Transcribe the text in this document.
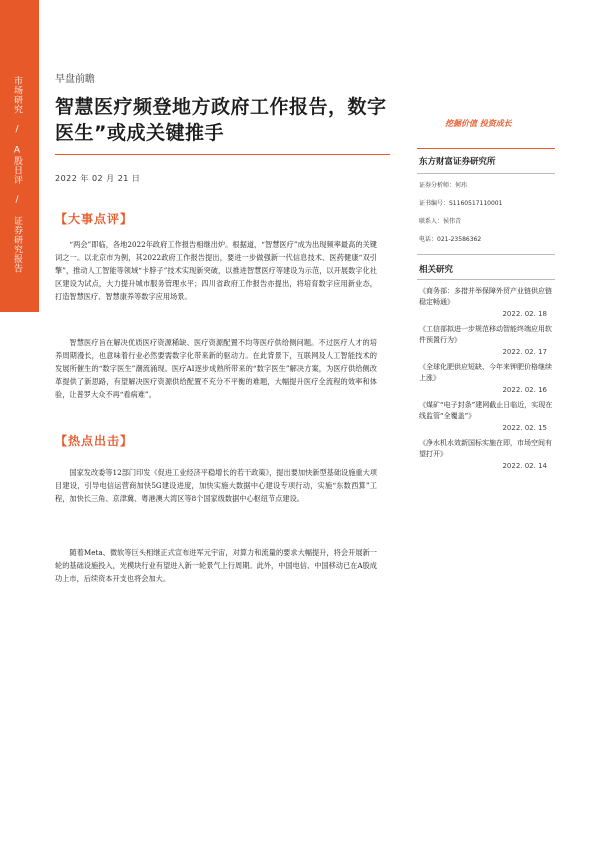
市场研究 / A股日评 / 证券研究报告	早盘前瞻
智慧医疗频登地方政府工作报告，数字医生”或成关键推手
2022 年 02 月 21 日
挖掘价值 投资成长
东方财富证券研究所
证券分析师：何玮
证书编号：S1160517110001
联系人：侯伟青
电话：021-23586362
相关研究
《商务部：多措并举保障外贸产业链供应链稳定畅通》
2022. 02. 18
《工信部拟进一步规范移动智能终端应用软件预置行为》
2022. 02. 17
《全球化肥供应短缺、今年来钾肥价格继续上涨》
2022. 02. 16
《煤矿“电子封条”建网截止日临近，实现在线监管“全覆盖”》
2022. 02. 15
《净水机水效新国标实施在即，市场空间有望打开》
2022. 02. 14
【大事点评】

“两会”即临，各地2022年政府工作报告相继出炉。根据道，“智慧医疗”成为出现频率最高的关键词之一。以北京市为例，其2022政府工作报告提出，要进一步做强新一代信息技术、医药健康“双引擎”，推动人工智能等领域“卡脖子”技术实现新突破，以推进智慧医疗等建设为示范，以开展数字化社区建设为试点，大力提升城市服务管理水平；四川省政府工作报告亦提出，将培育数字应用新业态，打造智慧医疗、智慧康养等数字应用场景。

智慧医疗旨在解决优质医疗资源稀缺、医疗资源配置不均等医疗供给侧问题。不过医疗人才的培养周期漫长，也意味着行业必然要需数字化带来新的驱动力。在此背景下，互联网及人工智能技术的发展所催生的“数字医生”潮流涌现。医疗AI逐步成熟所带来的“数字医生”解决方案，为医疗供给侧改革提供了新思路，有望解决医疗资源供给配置不充分不平衡的难题，大幅提升医疗全流程的效率和体验，让普罗大众不再“看病难”。

【热点出击】

国家发改委等12部门印发《促进工业经济平稳增长的若干政策》，提出要加快新型基础设施重大项目建设，引导电信运营商加快5G建设进度，加快实施大数据中心建设专项行动，实施“东数西算”工程，加快长三角、京津冀、粤港澳大湾区等8个国家级数据中心枢纽节点建设。

随着Meta、微软等巨头相继正式宣布进军元宇宙，对算力和流量的要求大幅提升，将会开展新一轮的基础设施投入，光模块行业有望进入新一轮景气上行周期。此外，中国电信、中国移动已在A股成功上市，后续资本开支也将会加大。
